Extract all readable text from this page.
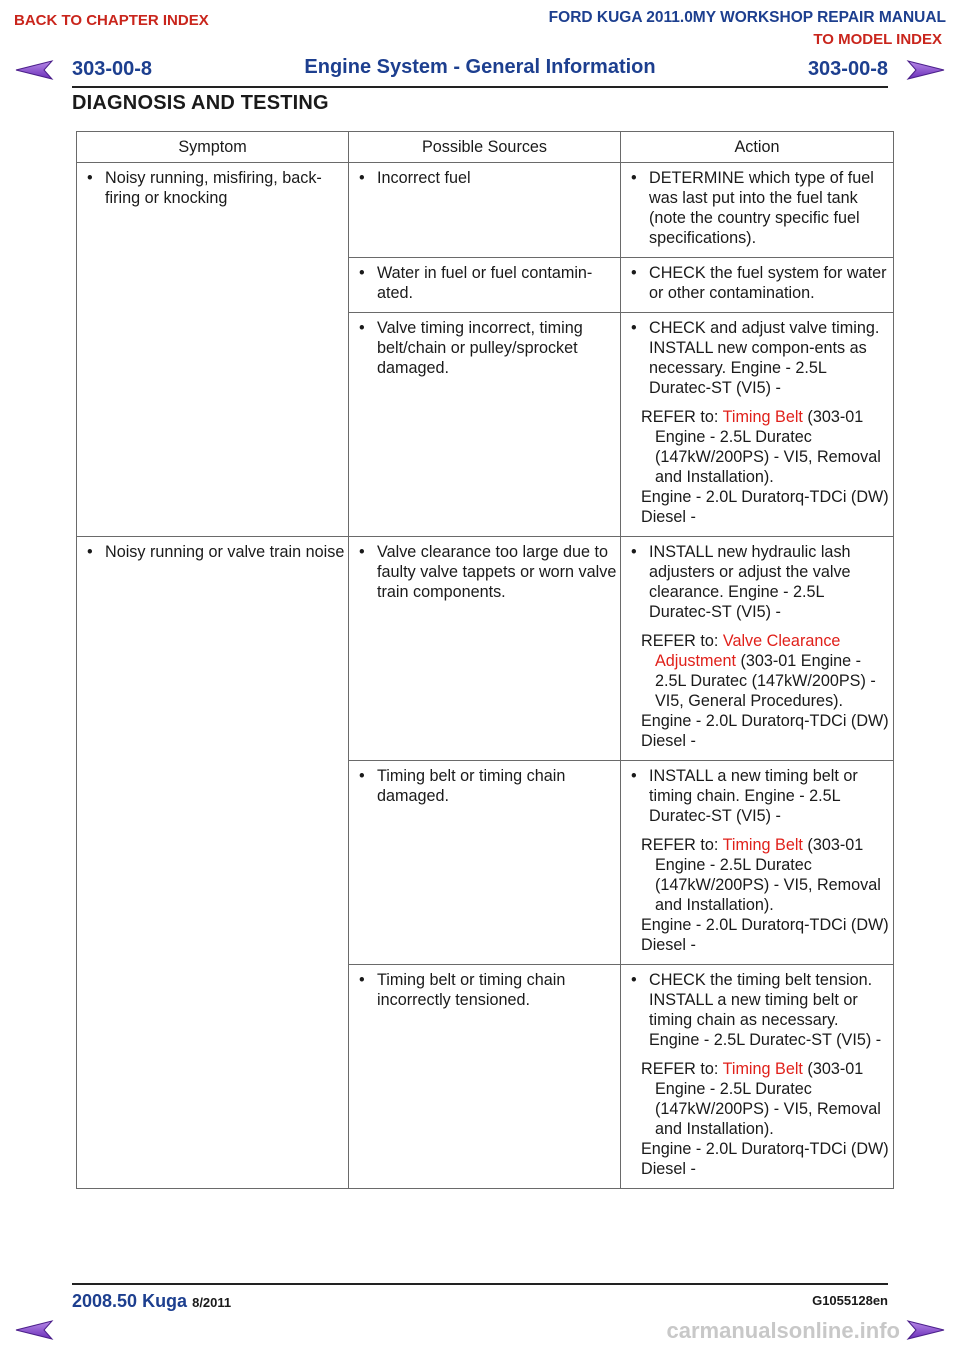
BACK TO CHAPTER INDEX	FORD KUGA 2011.0MY WORKSHOP REPAIR MANUAL
TO MODEL INDEX
303-00-8	Engine System - General Information	303-00-8
DIAGNOSIS AND TESTING
Symptom	Possible Sources	Action

• Noisy running, misfiring, back-firing or knocking	• Incorrect fuel	• DETERMINE which type of fuel was last put into the fuel tank (note the country specific fuel specifications).

	• Water in fuel or fuel contamin-ated.	• CHECK the fuel system for water or other contamination.

	• Valve timing incorrect, timing belt/chain or pulley/sprocket damaged.	• CHECK and adjust valve timing. INSTALL new compon-ents as necessary. Engine - 2.5L Duratec-ST (VI5) -
REFER to: Timing Belt (303-01 Engine - 2.5L Duratec (147kW/200PS) - VI5, Removal and Installation).
Engine - 2.0L Duratorq-TDCi (DW) Diesel -

• Noisy running or valve train noise	• Valve clearance too large due to faulty valve tappets or worn valve train components.	• INSTALL new hydraulic lash adjusters or adjust the valve clearance. Engine - 2.5L Duratec-ST (VI5) -
REFER to: Valve Clearance Adjustment (303-01 Engine - 2.5L Duratec (147kW/200PS) - VI5, General Procedures).
Engine - 2.0L Duratorq-TDCi (DW) Diesel -

	• Timing belt or timing chain damaged.	• INSTALL a new timing belt or timing chain. Engine - 2.5L Duratec-ST (VI5) -
REFER to: Timing Belt (303-01 Engine - 2.5L Duratec (147kW/200PS) - VI5, Removal and Installation).
Engine - 2.0L Duratorq-TDCi (DW) Diesel -

	• Timing belt or timing chain incorrectly tensioned.	• CHECK the timing belt tension. INSTALL a new timing belt or timing chain as necessary. Engine - 2.5L Duratec-ST (VI5) -
REFER to: Timing Belt (303-01 Engine - 2.5L Duratec (147kW/200PS) - VI5, Removal and Installation).
Engine - 2.0L Duratorq-TDCi (DW) Diesel -
2008.50 Kuga 8/2011	G1055128en
carmanualsonline.info
